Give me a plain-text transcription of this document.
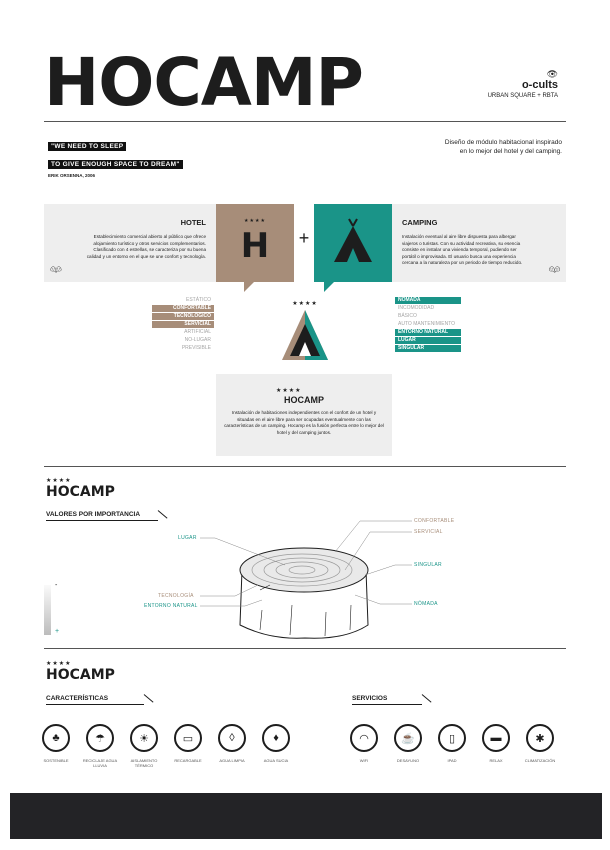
HOCAMP	👁︎
o-cults
URBAN SQUARE + RBTA
"WE NEED TO SLEEP
TO GIVE ENOUGH SPACE TO DREAM"
ERIK ORSENNA, 2006
Diseño de módulo habitacional inspirado en lo mejor del hotel y del camping.
HOTEL
Establecimiento comercial abierto al público que ofrece alojamiento turístico y otros servicios complementarios. Clasificado con 4 estrellas, se caracteriza por su buena calidad y un entorno en el que se une confort y tecnología.
👫︎
★★★★
H	+
CAMPING
Instalación eventual al aire libre dispuesta para albergar viajeros o turistas. Con su actividad recreativa, su esencia consiste en instalar una vivienda temporal, pudiendo ser portátil o improvisada. El usuario busca una experiencia cercana a la naturaleza por un periodo de tiempo reducido.
👫︎
ESTÁTICO
CONFORTABLE
TECNOLÓGICO
SERVICIAL
ARTIFICIAL
NO-LUGAR
PREVISIBLE
NÓMADA
INCOMODIDAD
BÁSICO
AUTO MANTENIMIENTO
ENTORNO NATURAL
LUGAR
SINGULAR
★★★★
★★★★
HOCAMP
Instalación de habitaciones independientes con el confort de un hotel y situadas en el aire libre para ser ocupadas eventualmente con las características de un camping. Hocamp es la fusión perfecta entre lo mejor del hotel y del camping juntos.
★★★★
HOCAMP
VALORES POR IMPORTANCIA
LUGAR
CONFORTABLE
SERVICIAL
SINGULAR
TECNOLOGÍA
ENTORNO NATURAL	NÓMADA
-
+
★★★★
HOCAMP
CARACTERÍSTICAS	SERVICIOS
♣
SOSTENIBLE
☂
RECICLAJE AGUA LLUVIA
☀
AISLAMIENTO TÉRMICO
▭
RECARGABLE
◊
AGUA LIMPIA
♦
AGUA SUCIA
◠
WIFI
☕
DESAYUNO
▯
IPAD
▬
RELAX
✱
CLIMATIZACIÓN
